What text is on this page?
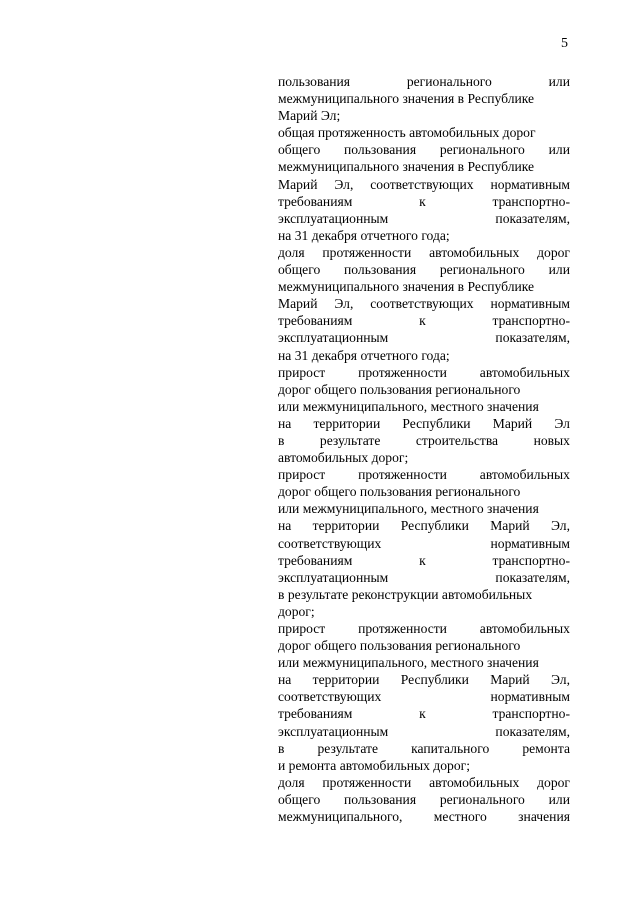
5
пользования	регионального	или
межмуниципального значения в Республике
Марий Эл;
общая протяженность автомобильных дорог
общего пользования регионального или
межмуниципального значения в Республике
Марий Эл, соответствующих нормативным
требованиям	к	транспортно-
эксплуатационным	показателям,
на 31 декабря отчетного года;
доля протяженности автомобильных дорог
общего пользования регионального или
межмуниципального значения в Республике
Марий Эл, соответствующих нормативным
требованиям	к	транспортно-
эксплуатационным	показателям,
на 31 декабря отчетного года;
прирост протяженности автомобильных
дорог общего пользования регионального
или межмуниципального, местного значения
на территории Республики Марий Эл
в	результате	строительства	новых
автомобильных дорог;
прирост протяженности автомобильных
дорог общего пользования регионального
или межмуниципального, местного значения
на территории Республики Марий Эл,
соответствующих	нормативным
требованиям	к	транспортно-
эксплуатационным	показателям,
в результате реконструкции автомобильных
дорог;
прирост протяженности автомобильных
дорог общего пользования регионального
или межмуниципального, местного значения
на территории Республики Марий Эл,
соответствующих	нормативным
требованиям	к	транспортно-
эксплуатационным	показателям,
в результате капитального ремонта
и ремонта автомобильных дорог;
доля протяженности автомобильных дорог
общего пользования регионального или
межмуниципального, местного значения
